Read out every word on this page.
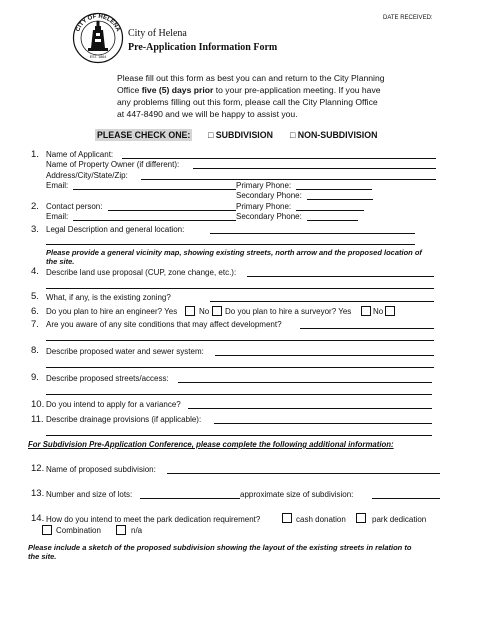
DATE RECEIVED:
CITY OF HELENA
EST. 1864
City of Helena
Pre-Application Information Form
Please fill out this form as best you can and return to the City Planning
Office five (5) days prior to your pre-application meeting. If you have
any problems filling out this form, please call the City Planning Office
at 447-8490 and we will be happy to assist you.
PLEASE CHECK ONE: □ SUBDIVISION □ NON-SUBDIVISION
1. Name of Applicant:
Name of Property Owner (if different):
Address/City/State/Zip:
Email:	Primary Phone:
Secondary Phone:
2. Contact person:	Primary Phone:
Email:	Secondary Phone:
3. Legal Description and general location:
Please provide a general vicinity map, showing existing streets, north arrow and the proposed location of
the site.
4. Describe land use proposal (CUP, zone change, etc.):
5. What, if any, is the existing zoning?
6. Do you plan to hire an engineer? Yes	No Do you plan to hire a surveyor? Yes	No
7. Are you aware of any site conditions that may affect development?
8. Describe proposed water and sewer system:
9. Describe proposed streets/access:
10. Do you intend to apply for a variance?
11. Describe drainage provisions (if applicable):
For Subdivision Pre-Application Conference, please complete the following additional information:
12. Name of proposed subdivision:
13. Number and size of lots:	approximate size of subdivision:
14. How do you intend to meet the park dedication requirement?	cash donation	park dedication
Combination	n/a
Please include a sketch of the proposed subdivision showing the layout of the existing streets in relation to
the site.
